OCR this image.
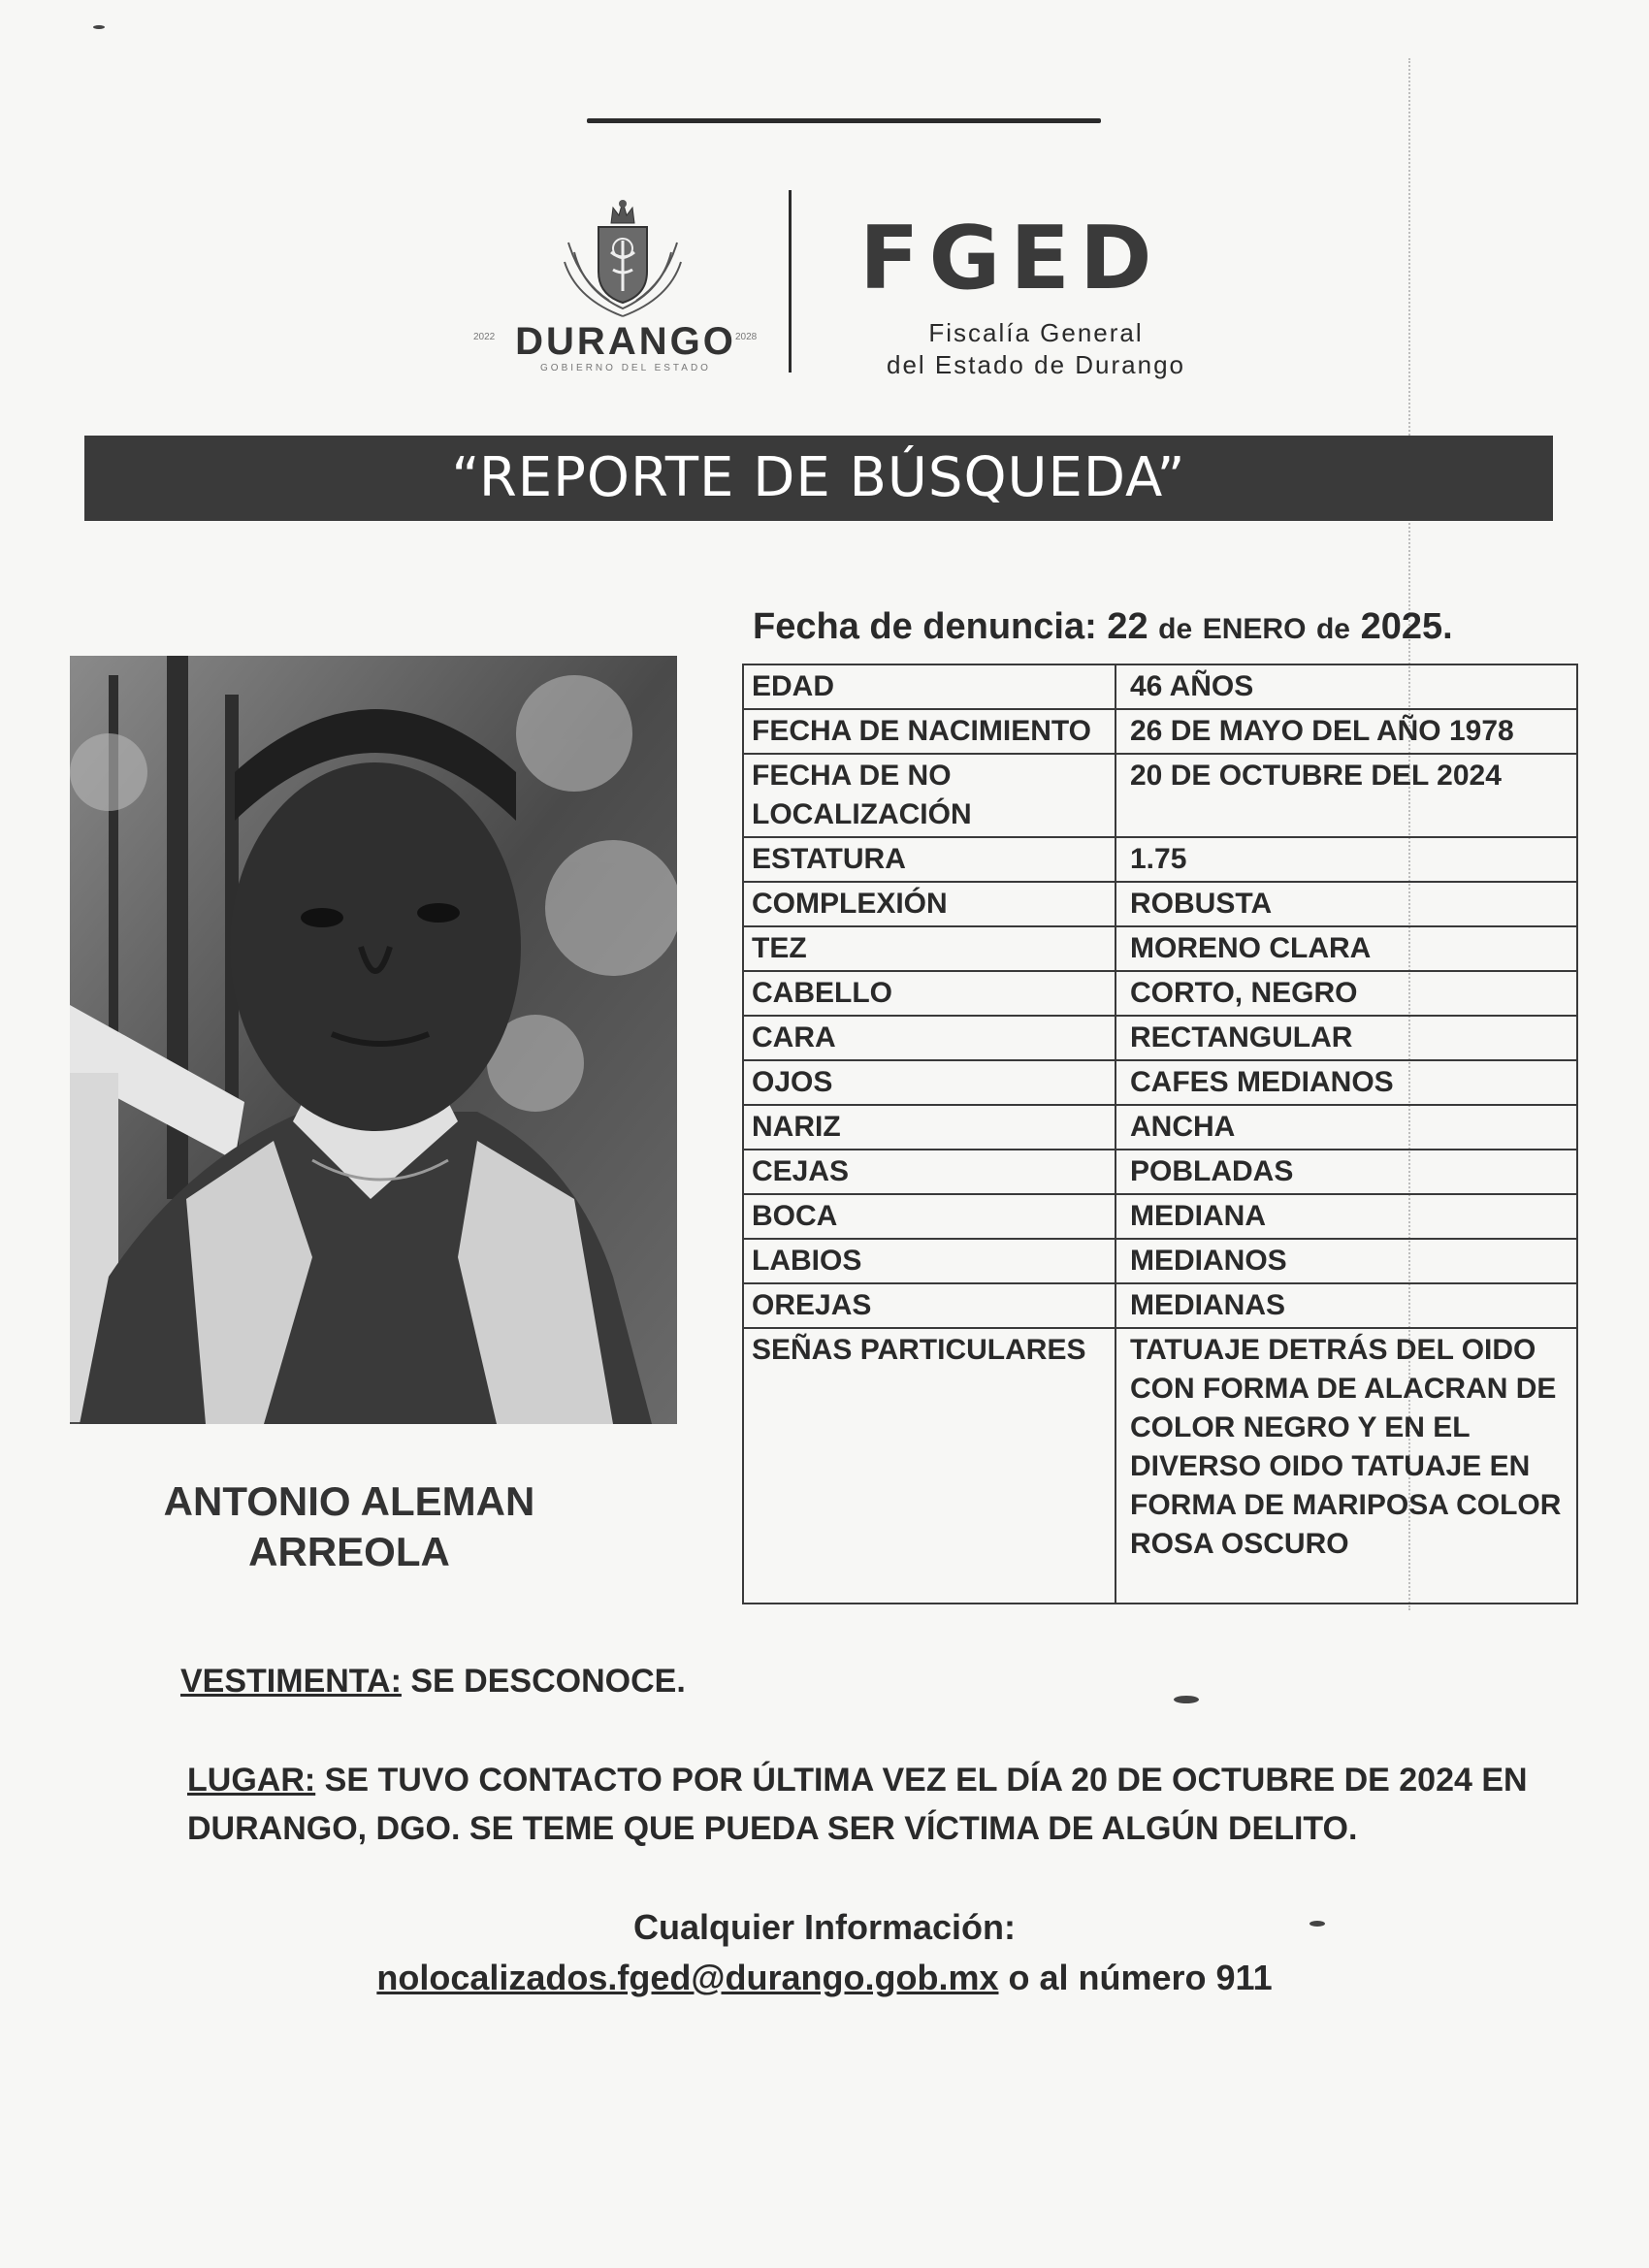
2022 DURANGO 2028
GOBIERNO DEL ESTADO
FGED
Fiscalía General
del Estado de Durango
“REPORTE DE BÚSQUEDA”
Fecha de denuncia: 22 de ENERO de 2025.
EDAD	46 AÑOS
FECHA DE NACIMIENTO	26 DE MAYO DEL AÑO 1978
FECHA DE NO LOCALIZACIÓN	20 DE OCTUBRE DEL 2024
ESTATURA	1.75
COMPLEXIÓN	ROBUSTA
TEZ	MORENO CLARA
CABELLO	CORTO, NEGRO
CARA	RECTANGULAR
OJOS	CAFES MEDIANOS
NARIZ	ANCHA
CEJAS	POBLADAS
BOCA	MEDIANA
LABIOS	MEDIANOS
OREJAS	MEDIANAS
SEÑAS PARTICULARES	TATUAJE DETRÁS DEL OIDO CON FORMA DE ALACRAN DE COLOR NEGRO Y EN EL DIVERSO OIDO TATUAJE EN FORMA DE MARIPOSA COLOR ROSA OSCURO
ANTONIO ALEMAN
ARREOLA
VESTIMENTA: SE DESCONOCE.
LUGAR: SE TUVO CONTACTO POR ÚLTIMA VEZ EL DÍA 20 DE OCTUBRE DE 2024 EN DURANGO, DGO. SE TEME QUE PUEDA SER VÍCTIMA DE ALGÚN DELITO.
Cualquier Información:
nolocalizados.fged@durango.gob.mx o al número 911
